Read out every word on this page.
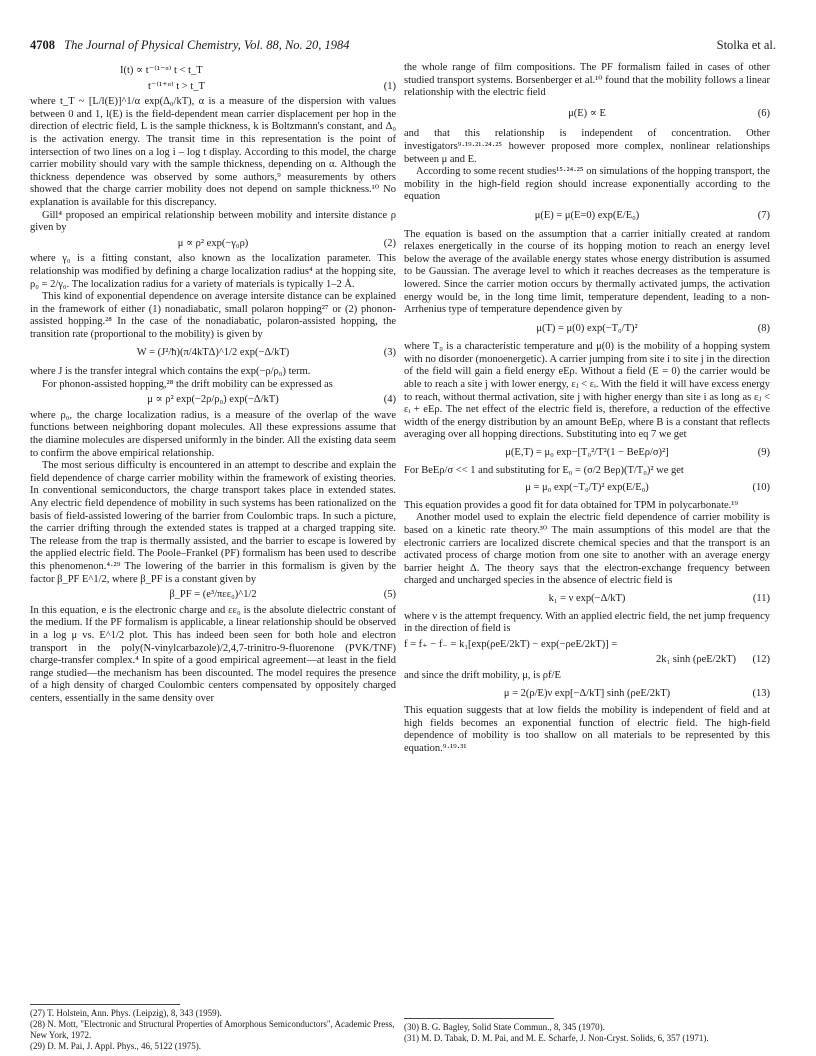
4708 The Journal of Physical Chemistry, Vol. 88, No. 20, 1984	Stolka et al.
I(t) ∝ t⁻⁽¹⁻ᵅ⁾ t < t_T
t⁻⁽¹⁺ᵅ⁾ t > t_T	(1)

where t_T ~ [L/l(E)]^1/α exp(Δ₀/kT), α is a measure of the dispersion with values between 0 and 1, l(E) is the field-dependent mean carrier displacement per hop in the direction of electric field, L is the sample thickness, k is Boltzmann's constant, and Δ₀ is the activation energy. The transit time in this representation is the point of intersection of two lines on a log i – log t display. According to this model, the charge carrier mobility should vary with the sample thickness, depending on α. Although the thickness dependence was observed by some authors,⁹ measurements by others showed that the charge carrier mobility does not depend on sample thickness.¹⁰ No explanation is available for this discrepancy.

Gill⁴ proposed an empirical relationship between mobility and intersite distance ρ given by

μ ∝ ρ² exp(−γ₀ρ)	(2)

where γ₀ is a fitting constant, also known as the localization parameter. This relationship was modified by defining a charge localization radius⁴ at the hopping site, ρ₀ = 2/γ₀. The localization radius for a variety of materials is typically 1–2 Å.

This kind of exponential dependence on average intersite distance can be explained in the framework of either (1) nonadiabatic, small polaron hopping²⁷ or (2) phonon-assisted hopping.²⁸ In the case of the nonadiabatic, polaron-assisted hopping, the transition rate (proportional to the mobility) is given by

W = (J²/ħ)(π/4kTΔ)^1/2 exp(−Δ/kT)	(3)

where J is the transfer integral which contains the exp(−ρ/ρ₀) term.

For phonon-assisted hopping,²⁸ the drift mobility can be expressed as

μ ∝ ρ² exp(−2ρ/ρ₀) exp(−Δ/kT)	(4)

where ρ₀, the charge localization radius, is a measure of the overlap of the wave functions between neighboring dopant molecules. All these expressions assume that the diamine molecules are dispersed uniformly in the binder. All the existing data seem to confirm the above empirical relationship.

The most serious difficulty is encountered in an attempt to describe and explain the field dependence of charge carrier mobility within the framework of existing theories. In conventional semiconductors, the charge transport takes place in extended states. Any electric field dependence of mobility in such systems has been rationalized on the basis of field-assisted lowering of the barrier from Coulombic traps. In such a picture, the carrier drifting through the extended states is trapped at a charged trapping site. The release from the trap is thermally assisted, and the barrier to escape is lowered by the applied electric field. The Poole–Frankel (PF) formalism has been used to describe this phenomenon.⁴·²⁹ The lowering of the barrier in this formalism is given by the factor β_PF E^1/2, where β_PF is a constant given by

β_PF = (e³/πεε₀)^1/2	(5)

In this equation, e is the electronic charge and εε₀ is the absolute dielectric constant of the medium. If the PF formalism is applicable, a linear relationship should be observed in a log μ vs. E^1/2 plot. This has indeed been seen for both hole and electron transport in the poly(N-vinylcarbazole)/2,4,7-trinitro-9-fluorenone (PVK/TNF) charge-transfer complex.⁴ In spite of a good empirical agreement—at least in the field range studied—the mechanism has been discounted. The model requires the presence of a high density of charged Coulombic centers compensated by oppositely charged centers, essentially in the same density over

the whole range of film compositions. The PF formalism failed in cases of other studied transport systems. Borsenberger et al.¹⁰ found that the mobility follows a linear relationship with the electric field

μ(E) ∝ E	(6)

and that this relationship is independent of concentration. Other investigators⁹·¹⁹·²¹·²⁴·²⁵ however proposed more complex, nonlinear relationships between μ and E.

According to some recent studies¹⁵·²⁴·²⁵ on simulations of the hopping transport, the mobility in the high-field region should increase exponentially according to the equation

μ(E) = μ(E=0) exp(E/E₀)	(7)

The equation is based on the assumption that a carrier initially created at random relaxes energetically in the course of its hopping motion to reach an energy level below the average of the available energy states whose energy distribution is assumed to be Gaussian. The average level to which it reaches decreases as the temperature is lowered. Since the carrier motion occurs by thermally activated jumps, the activation energy would be, in the long time limit, temperature dependent, leading to a non-Arrhenius type of temperature dependence given by

μ(T) = μ(0) exp(−T₀/T)²	(8)

where T₀ is a characteristic temperature and μ(0) is the mobility of a hopping system with no disorder (monoenergetic). A carrier jumping from site i to site j in the direction of the field will gain a field energy eEρ. Without a field (E = 0) the carrier would be able to reach a site j with lower energy, εⱼ < εᵢ. With the field it will have excess energy to reach, without thermal activation, site j with higher energy than site i as long as εⱼ < εᵢ + eEρ. The net effect of the electric field is, therefore, a reduction of the effective width of the energy distribution by an amount BeEρ, where B is a constant that reflects averaging over all hopping directions. Substituting into eq 7 we get

μ(E,T) = μ₀ exp−[T₀²/T²(1 − BeEρ/σ)²]	(9)

For BeEρ/σ << 1 and substituting for E₀ = (σ/2 Beρ)(T/T₀)² we get

μ = μ₀ exp(−T₀/T)² exp(E/E₀)	(10)

This equation provides a good fit for data obtained for TPM in polycarbonate.¹⁹

Another model used to explain the electric field dependence of carrier mobility is based on a kinetic rate theory.³⁰ The main assumptions of this model are that the electronic carriers are localized discrete chemical species and that the transport is an activated process of charge motion from one site to another with an average energy barrier height Δ. The theory says that the electron-exchange frequency between charged and uncharged species in the absence of electric field is

k₁ = ν exp(−Δ/kT)	(11)

where ν is the attempt frequency. With an applied electric field, the net jump frequency in the direction of field is

f = f₊ − f₋ = k₁[exp(ρeE/2kT) − exp(−ρeE/2kT)] =
2k₁ sinh (ρeE/2kT) (12)

and since the drift mobility, μ, is ρf/E

μ = 2(ρ/E)ν exp[−Δ/kT] sinh (ρeE/2kT)	(13)

This equation suggests that at low fields the mobility is independent of field and at high fields becomes an exponential function of electric field. The high-field dependence of mobility is too shallow on all materials to be represented by this equation.⁹·¹⁹·³¹

(27) T. Holstein, Ann. Phys. (Leipzig), 8, 343 (1959).
(28) N. Mott, "Electronic and Structural Properties of Amorphous Semiconductors", Academic Press, New York, 1972.
(29) D. M. Pai, J. Appl. Phys., 46, 5122 (1975).
(30) B. G. Bagley, Solid State Commun., 8, 345 (1970).
(31) M. D. Tabak, D. M. Pai, and M. E. Scharfe, J. Non-Cryst. Solids, 6, 357 (1971).
